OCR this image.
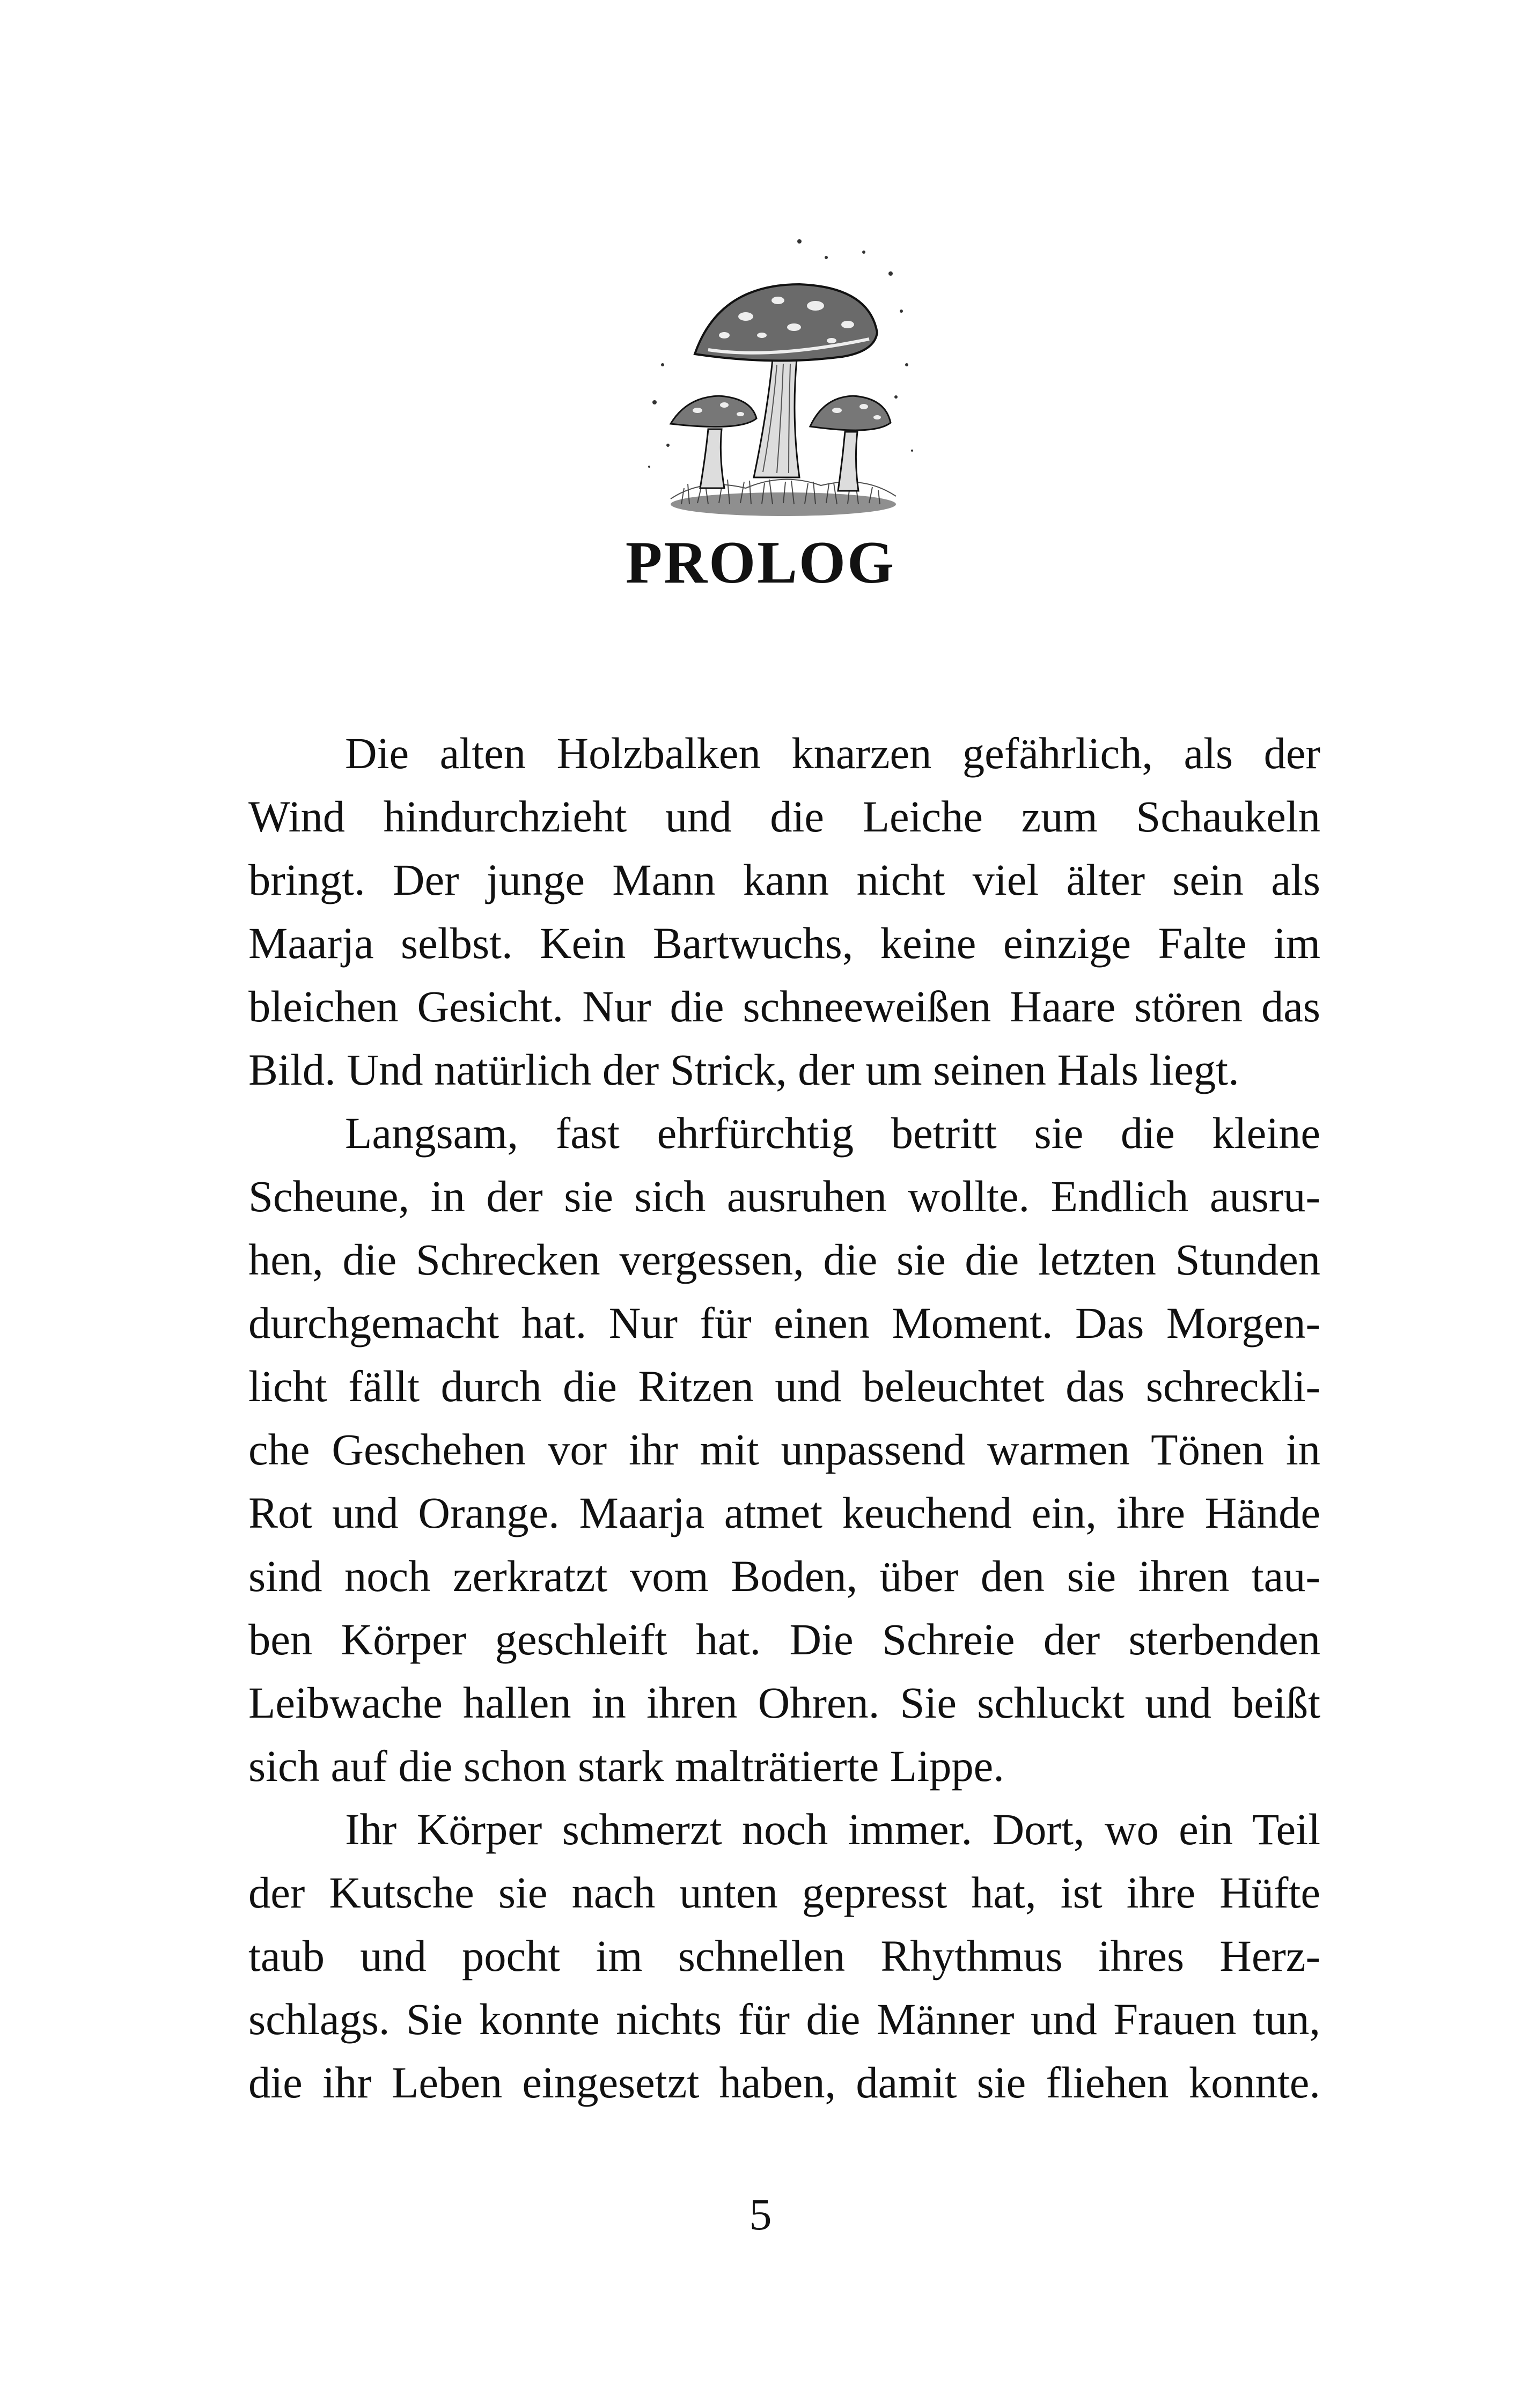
PROLOG
Die alten Holzbalken knarzen gefährlich, als der
Wind hindurchzieht und die Leiche zum Schaukeln
bringt. Der junge Mann kann nicht viel älter sein als
Maarja selbst. Kein Bartwuchs, keine einzige Falte im
bleichen Gesicht. Nur die schneeweißen Haare stören das
Bild. Und natürlich der Strick, der um seinen Hals liegt.
Langsam, fast ehrfürchtig betritt sie die kleine
Scheune, in der sie sich ausruhen wollte. Endlich ausru-
hen, die Schrecken vergessen, die sie die letzten Stunden
durchgemacht hat. Nur für einen Moment. Das Morgen-
licht fällt durch die Ritzen und beleuchtet das schreckli-
che Geschehen vor ihr mit unpassend warmen Tönen in
Rot und Orange. Maarja atmet keuchend ein, ihre Hände
sind noch zerkratzt vom Boden, über den sie ihren tau-
ben Körper geschleift hat. Die Schreie der sterbenden
Leibwache hallen in ihren Ohren. Sie schluckt und beißt
sich auf die schon stark malträtierte Lippe.
Ihr Körper schmerzt noch immer. Dort, wo ein Teil
der Kutsche sie nach unten gepresst hat, ist ihre Hüfte
taub und pocht im schnellen Rhythmus ihres Herz-
schlags. Sie konnte nichts für die Männer und Frauen tun,
die ihr Leben eingesetzt haben, damit sie fliehen konnte.
5
